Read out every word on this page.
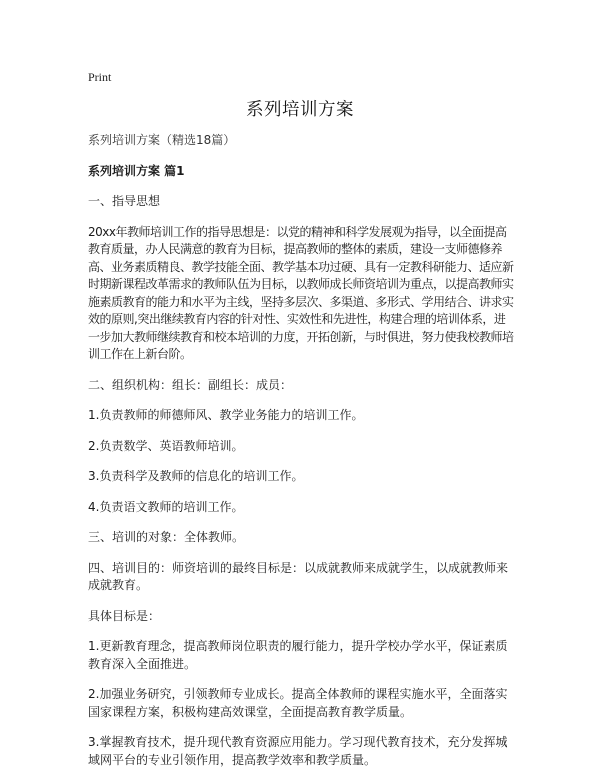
Print
系列培训方案

系列培训方案（精选18篇）

系列培训方案 篇1

一、指导思想

20xx年教师培训工作的指导思想是：以党的精神和科学发展观为指导，以全面提高教育质量，办人民满意的教育为目标，提高教师的整体的素质，建设一支师德修养高、业务素质精良、教学技能全面、教学基本功过硬、具有一定教科研能力、适应新时期新课程改革需求的教师队伍为目标，以教师成长师资培训为重点，以提高教师实施素质教育的能力和水平为主线，坚持多层次、多渠道、多形式、学用结合、讲求实效的原则,突出继续教育内容的针对性、实效性和先进性，构建合理的培训体系，进一步加大教师继续教育和校本培训的力度，开拓创新，与时俱进，努力使我校教师培训工作在上新台阶。

二、组织机构：组长：副组长：成员：

1.负责教师的师德师风、教学业务能力的培训工作。

2.负责数学、英语教师培训。

3.负责科学及教师的信息化的培训工作。

4.负责语文教师的培训工作。

三、培训的对象：全体教师。

四、培训目的：师资培训的最终目标是：以成就教师来成就学生，以成就教师来成就教育。

具体目标是：

1.更新教育理念，提高教师岗位职责的履行能力，提升学校办学水平，保证素质教育深入全面推进。

2.加强业务研究，引领教师专业成长。提高全体教师的课程实施水平，全面落实国家课程方案，积极构建高效课堂，全面提高教育教学质量。

3.掌握教育技术，提升现代教育资源应用能力。学习现代教育技术，充分发挥城域网平台的专业引领作用，提高教学效率和教学质量。
